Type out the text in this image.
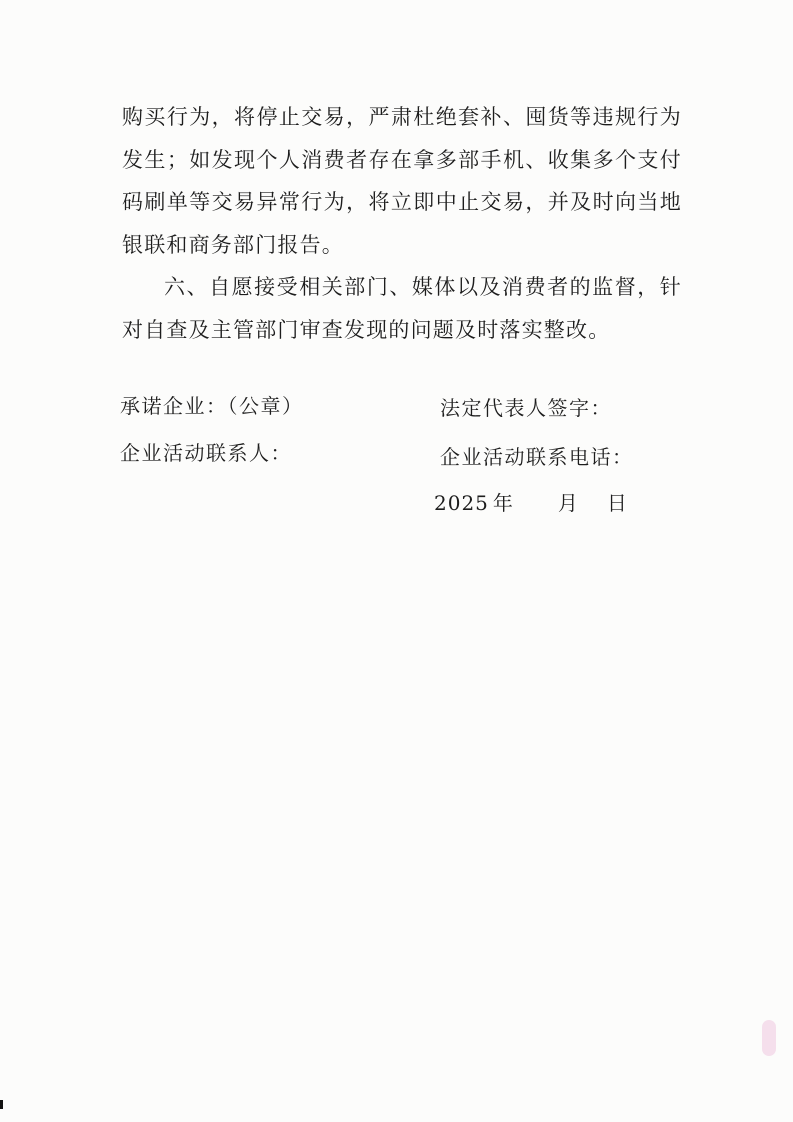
购买行为，将停止交易，严肃杜绝套补、囤货等违规行为发生；如发现个人消费者存在拿多部手机、收集多个支付码刷单等交易异常行为，将立即中止交易，并及时向当地银联和商务部门报告。

六、自愿接受相关部门、媒体以及消费者的监督，针对自查及主管部门审查发现的问题及时落实整改。

承诺企业：（公章）
企业活动联系人：
法定代表人签字：
企业活动联系电话：
2025 年 月 日
